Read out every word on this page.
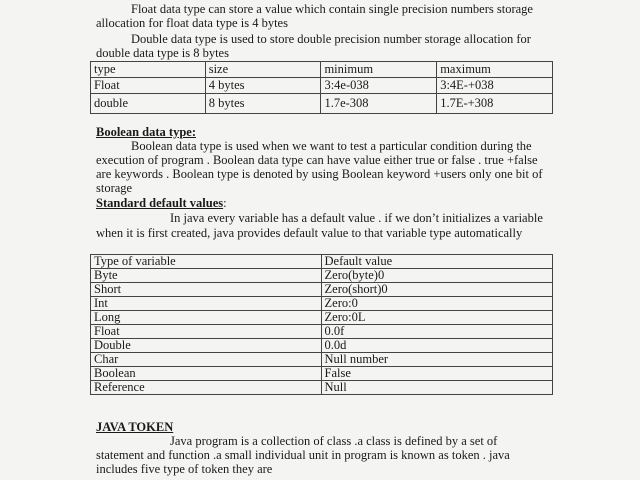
Float data type can store a value which contain single precision numbers storage
allocation for float data type is 4 bytes
Double data type is used to store double precision number storage allocation for
double data type is 8 bytes
type	size	minimum	maximum
Float	4 bytes	3:4e-038	3:4E-+038
double	8 bytes	1.7e-308	1.7E-+308
Boolean data type:
Boolean data type is used when we want to test a particular condition during the
execution of program . Boolean data type can have value either true or false . true +false
are keywords . Boolean type is denoted by using Boolean keyword +users only one bit of
storage
Standard default values:
In java every variable has a default value . if we don’t initializes a variable
when it is first created, java provides default value to that variable type automatically
Type of variable	Default value
Byte	Zero(byte)0
Short	Zero(short)0
Int	Zero:0
Long	Zero:0L
Float	0.0f
Double	0.0d
Char	Null number
Boolean	False
Reference	Null
JAVA TOKEN
Java program is a collection of class .a class is defined by a set of
statement and function .a small individual unit in program is known as token . java
includes five type of token they are
